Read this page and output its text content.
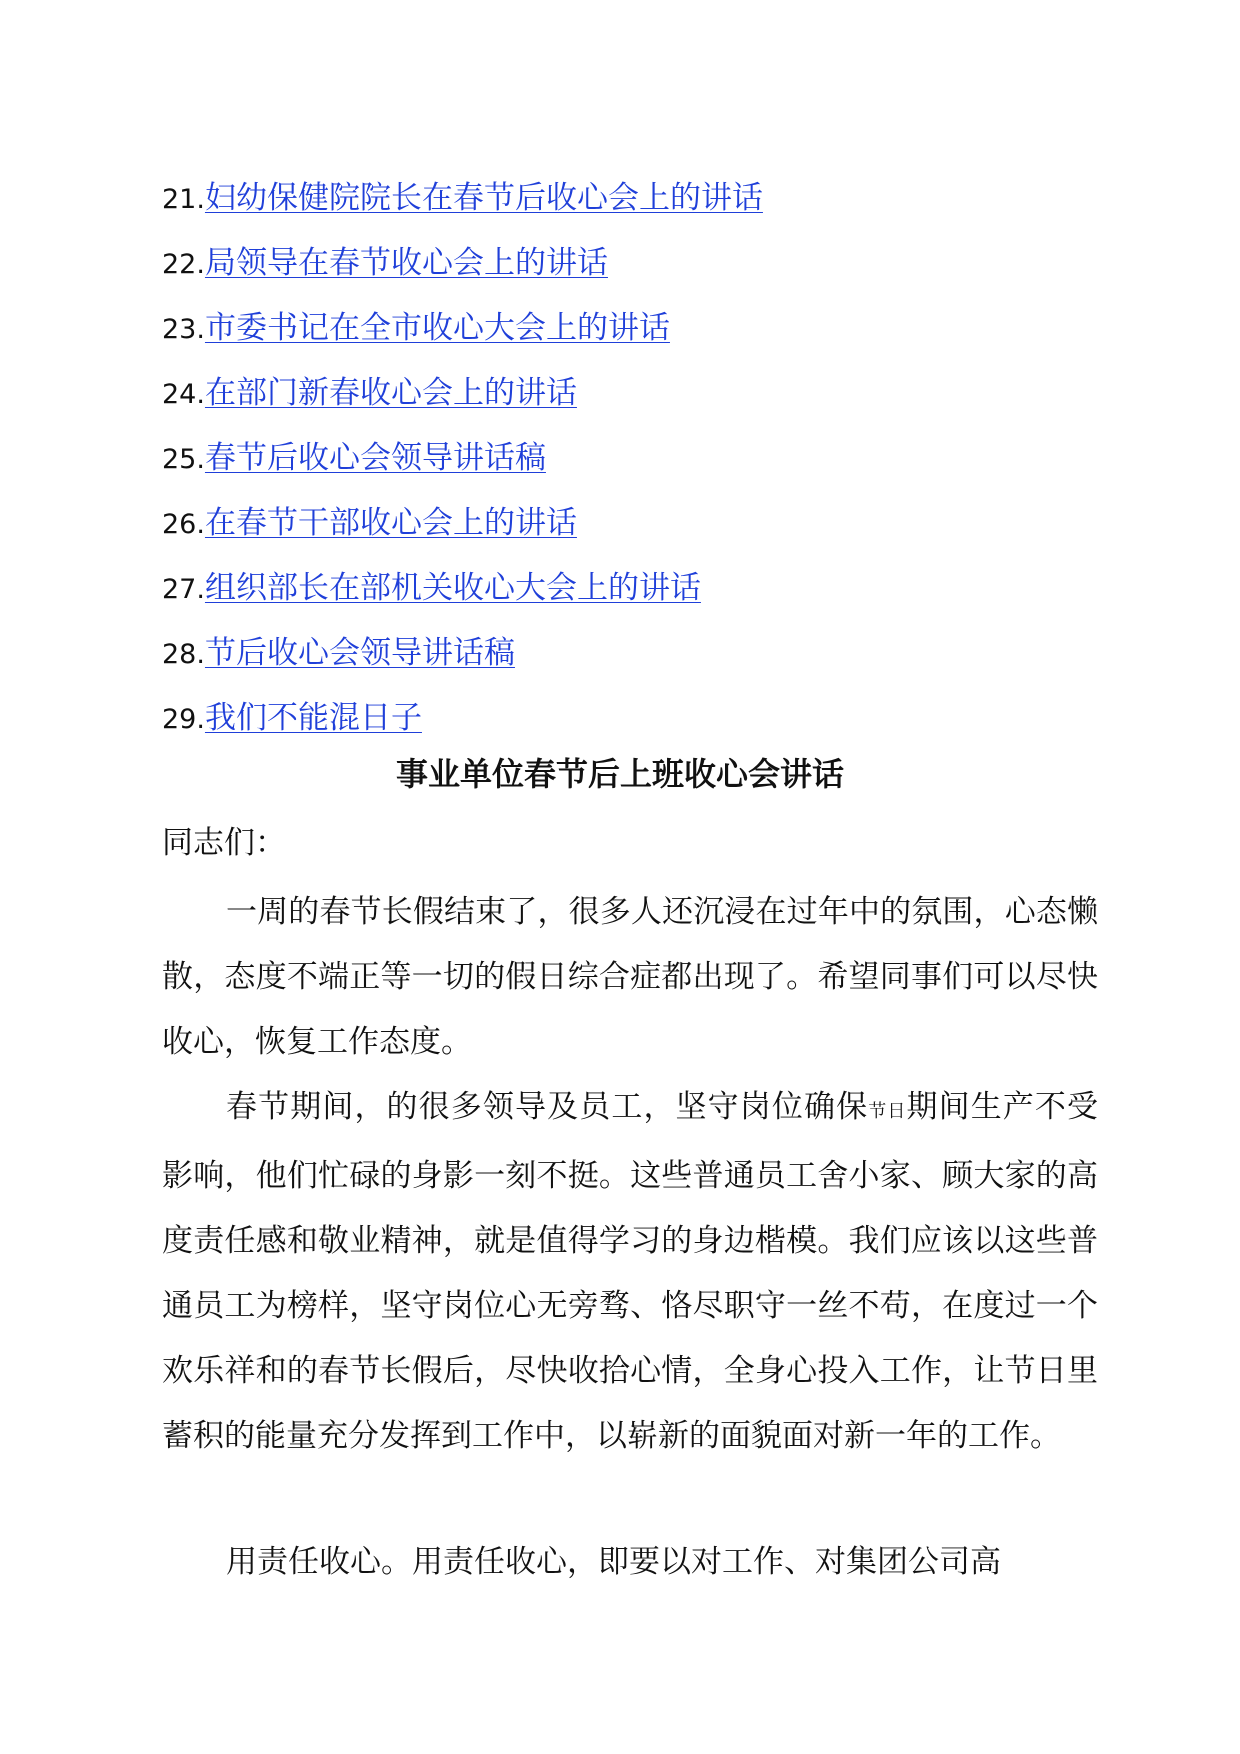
21.妇幼保健院院长在春节后收心会上的讲话
22.局领导在春节收心会上的讲话
23.市委书记在全市收心大会上的讲话
24.在部门新春收心会上的讲话
25.春节后收心会领导讲话稿
26.在春节干部收心会上的讲话
27.组织部长在部机关收心大会上的讲话
28.节后收心会领导讲话稿
29.我们不能混日子
事业单位春节后上班收心会讲话

同志们：

一周的春节长假结束了，很多人还沉浸在过年中的氛围，心态懒散，态度不端正等一切的假日综合症都出现了。希望同事们可以尽快收心，恢复工作态度。

春节期间，的很多领导及员工，坚守岗位确保节日期间生产不受影响，他们忙碌的身影一刻不挺。这些普通员工舍小家、顾大家的高度责任感和敬业精神，就是值得学习的身边楷模。我们应该以这些普通员工为榜样，坚守岗位心无旁骛、恪尽职守一丝不苟，在度过一个欢乐祥和的春节长假后，尽快收拾心情，全身心投入工作，让节日里蓄积的能量充分发挥到工作中，以崭新的面貌面对新一年的工作。

用责任收心。用责任收心，即要以对工作、对集团公司高
